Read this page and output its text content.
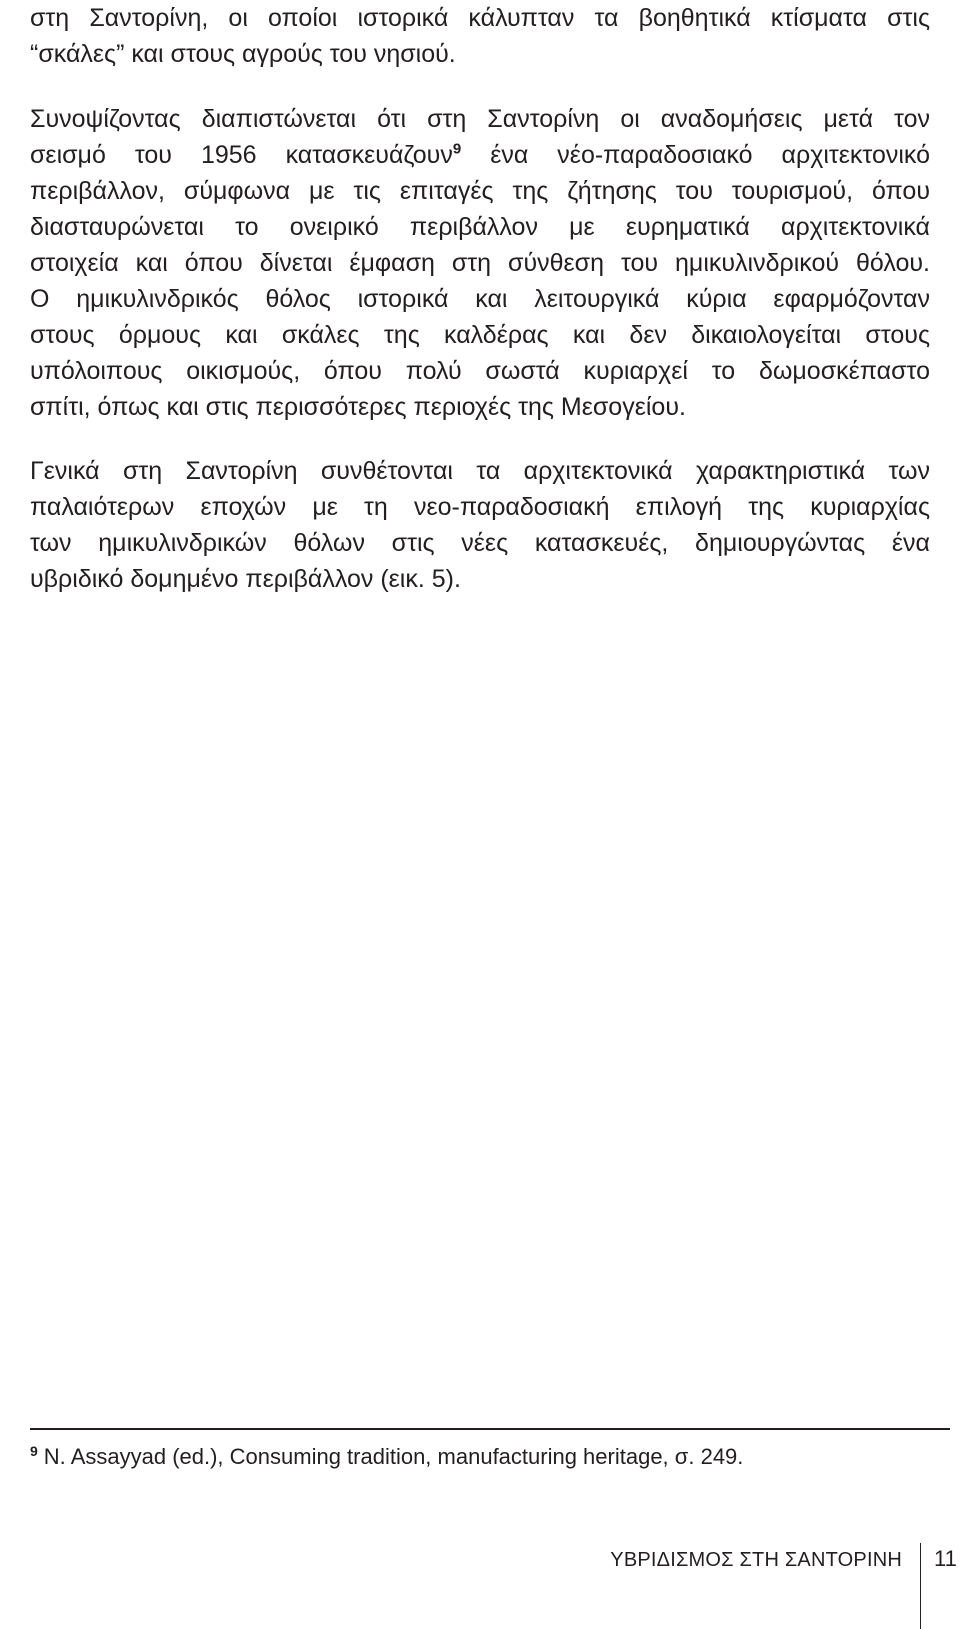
στη Σαντορίνη, οι οποίοι ιστορικά κάλυπταν τα βοηθητικά κτίσματα στις
“σκάλες” και στους αγρούς του νησιού.
Συνοψίζοντας διαπιστώνεται ότι στη Σαντορίνη οι αναδομήσεις μετά τον
σεισμό του 1956 κατασκευάζουν$^9$ ένα νέο-παραδοσιακό αρχιτεκτονικό
περιβάλλον, σύμφωνα με τις επιταγές της ζήτησης του τουρισμού, όπου
διασταυρώνεται το ονειρικό περιβάλλον με ευρηματικά αρχιτεκτονικά
στοιχεία και όπου δίνεται έμφαση στη σύνθεση του ημικυλινδρικού θόλου.
Ο ημικυλινδρικός θόλος ιστορικά και λειτουργικά κύρια εφαρμόζονταν
στους όρμους και σκάλες της καλδέρας και δεν δικαιολογείται στους
υπόλοιπους οικισμούς, όπου πολύ σωστά κυριαρχεί το δωμοσκέπαστο
σπίτι, όπως και στις περισσότερες περιοχές της Μεσογείου.
Γενικά στη Σαντορίνη συνθέτονται τα αρχιτεκτονικά χαρακτηριστικά των
παλαιότερων εποχών με τη νεο-παραδοσιακή επιλογή της κυριαρχίας
των ημικυλινδρικών θόλων στις νέες κατασκευές, δημιουργώντας ένα
υβριδικό δομημένο περιβάλλον (εικ. 5).
$^9$ N. Assayyad (ed.), Consuming tradition, manufacturing heritage, σ. 249.
ΥΒΡΙΔΙΣΜΟΣ ΣΤΗ ΣΑΝΤΟΡΙΝΗ 11
